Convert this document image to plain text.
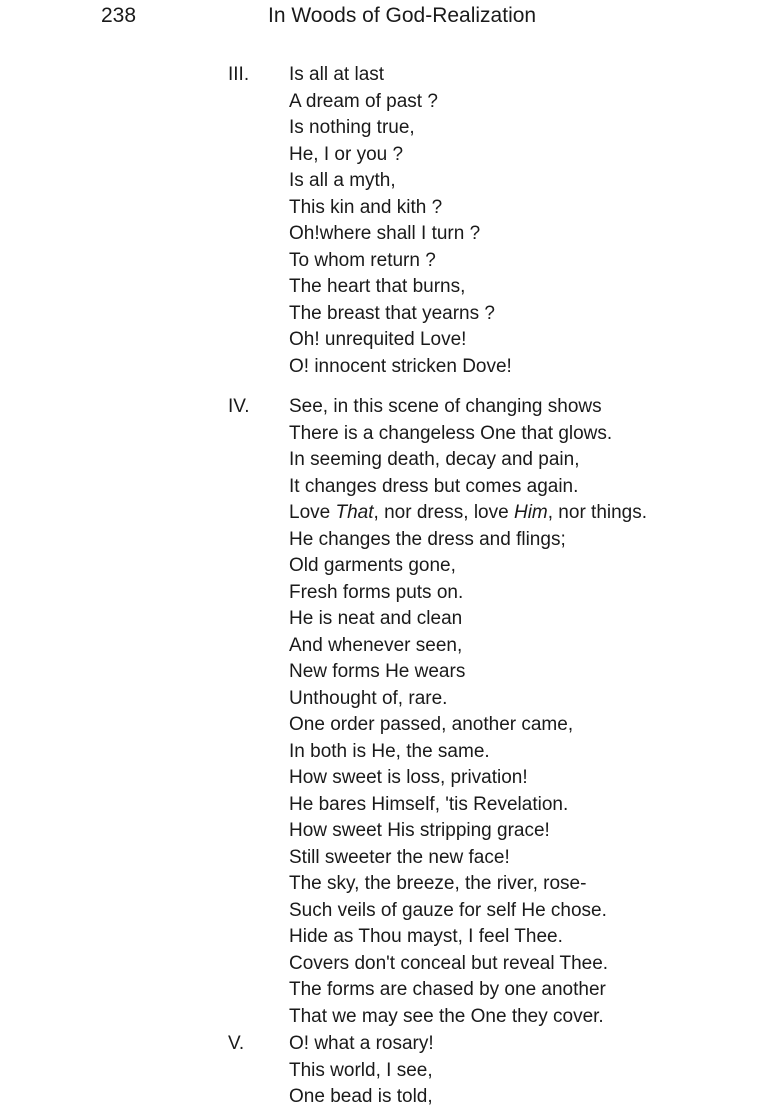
238	In Woods of God-Realization
III. Is all at last
A dream of past ?
Is nothing true,
He, I or you ?
Is all a myth,
This kin and kith ?
Oh!where shall I turn ?
To whom return ?
The heart that burns,
The breast that yearns ?
Oh! unrequited Love!
O! innocent stricken Dove!
IV. See, in this scene of changing shows
There is a changeless One that glows.
In seeming death, decay and pain,
It changes dress but comes again.
Love That, nor dress, love Him, nor things.
He changes the dress and flings;
Old garments gone,
Fresh forms puts on.
He is neat and clean
And whenever seen,
New forms He wears
Unthought of, rare.
One order passed, another came,
In both is He, the same.
How sweet is loss, privation!
He bares Himself, 'tis Revelation.
How sweet His stripping grace!
Still sweeter the new face!
The sky, the breeze, the river, rose-
Such veils of gauze for self He chose.
Hide as Thou mayst, I feel Thee.
Covers don't conceal but reveal Thee.
The forms are chased by one another
That we may see the One they cover.
V. O! what a rosary!
This world, I see,
One bead is told,
